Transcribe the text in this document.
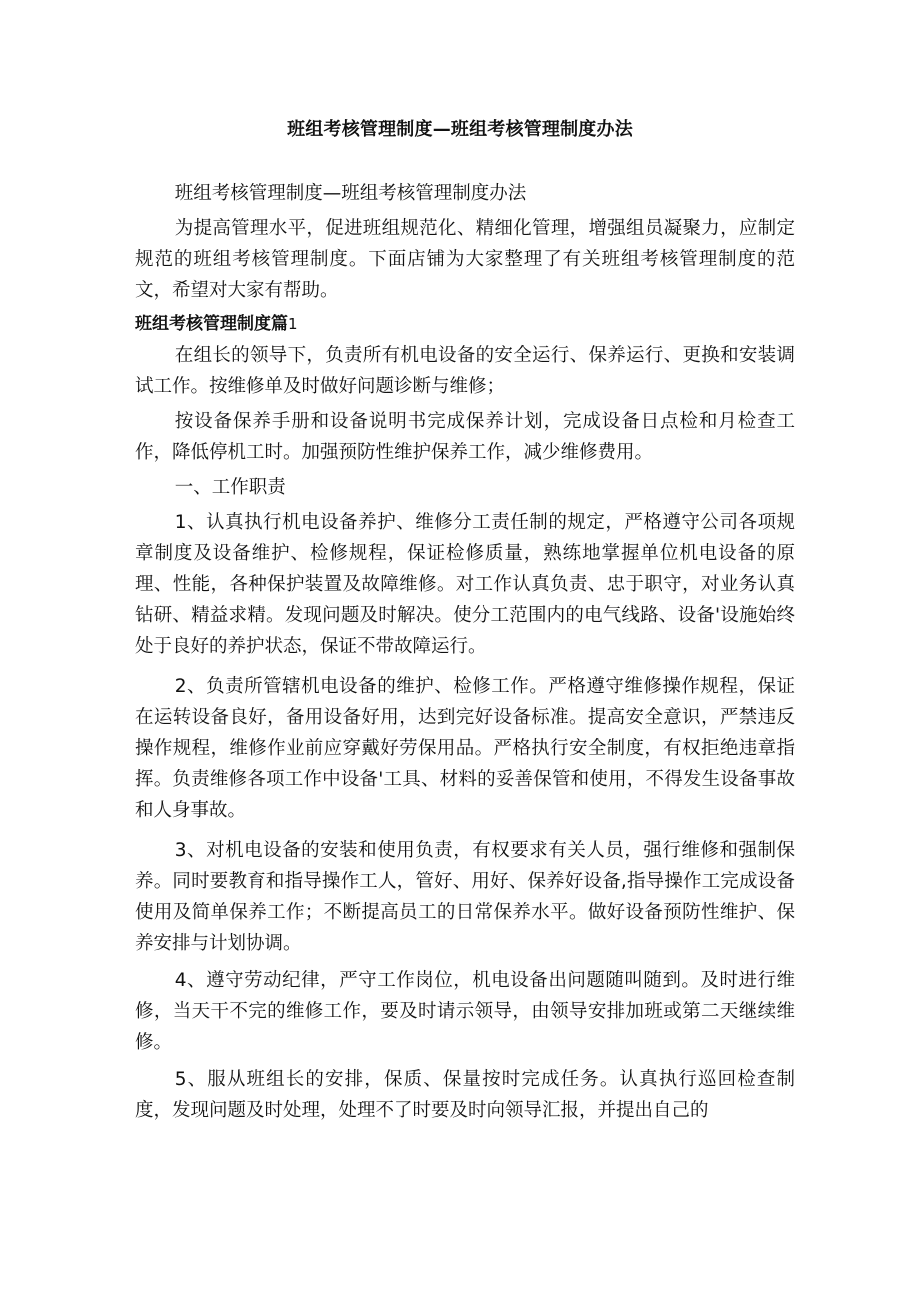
班组考核管理制度—班组考核管理制度办法

班组考核管理制度—班组考核管理制度办法

为提高管理水平，促进班组规范化、精细化管理，增强组员凝聚力，应制定规范的班组考核管理制度。下面店铺为大家整理了有关班组考核管理制度的范文，希望对大家有帮助。

班组考核管理制度篇1

在组长的领导下，负责所有机电设备的安全运行、保养运行、更换和安装调试工作。按维修单及时做好问题诊断与维修；

按设备保养手册和设备说明书完成保养计划，完成设备日点检和月检查工作，降低停机工时。加强预防性维护保养工作，减少维修费用。

一、工作职责

1、认真执行机电设备养护、维修分工责任制的规定，严格遵守公司各项规章制度及设备维护、检修规程，保证检修质量，熟练地掌握单位机电设备的原理、性能，各种保护装置及故障维修。对工作认真负责、忠于职守，对业务认真钻研、精益求精。发现问题及时解决。使分工范围内的电气线路、设备'设施始终处于良好的养护状态，保证不带故障运行。

2、负责所管辖机电设备的维护、检修工作。严格遵守维修操作规程，保证在运转设备良好，备用设备好用，达到完好设备标准。提高安全意识，严禁违反操作规程，维修作业前应穿戴好劳保用品。严格执行安全制度，有权拒绝违章指挥。负责维修各项工作中设备'工具、材料的妥善保管和使用，不得发生设备事故和人身事故。

3、对机电设备的安装和使用负责，有权要求有关人员，强行维修和强制保养。同时要教育和指导操作工人，管好、用好、保养好设备,指导操作工完成设备使用及简单保养工作；不断提高员工的日常保养水平。做好设备预防性维护、保养安排与计划协调。

4、遵守劳动纪律，严守工作岗位，机电设备出问题随叫随到。及时进行维修，当天干不完的维修工作，要及时请示领导，由领导安排加班或第二天继续维修。

5、服从班组长的安排，保质、保量按时完成任务。认真执行巡回检查制度，发现问题及时处理，处理不了时要及时向领导汇报，并提出自己的
